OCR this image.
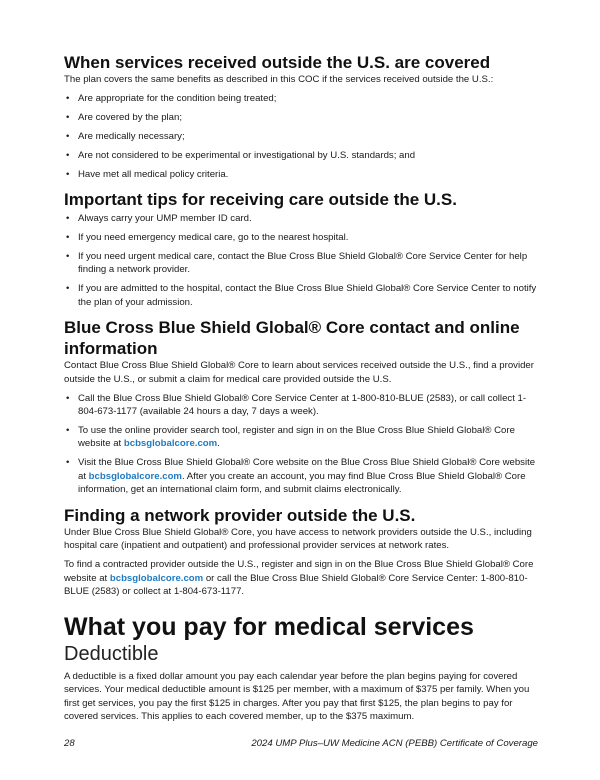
When services received outside the U.S. are covered

The plan covers the same benefits as described in this COC if the services received outside the U.S.:

• Are appropriate for the condition being treated;
• Are covered by the plan;
• Are medically necessary;
• Are not considered to be experimental or investigational by U.S. standards; and
• Have met all medical policy criteria.
Important tips for receiving care outside the U.S.
• Always carry your UMP member ID card.
• If you need emergency medical care, go to the nearest hospital.
• If you need urgent medical care, contact the Blue Cross Blue Shield Global® Core Service Center for help finding a network provider.
• If you are admitted to the hospital, contact the Blue Cross Blue Shield Global® Core Service Center to notify the plan of your admission.
Blue Cross Blue Shield Global® Core contact and online information

Contact Blue Cross Blue Shield Global® Core to learn about services received outside the U.S., find a provider outside the U.S., or submit a claim for medical care provided outside the U.S.

• Call the Blue Cross Blue Shield Global® Core Service Center at 1-800-810-BLUE (2583), or call collect 1-804-673-1177 (available 24 hours a day, 7 days a week).
• To use the online provider search tool, register and sign in on the Blue Cross Blue Shield Global® Core website at bcbsglobalcore.com.
• Visit the Blue Cross Blue Shield Global® Core website on the Blue Cross Blue Shield Global® Core website at bcbsglobalcore.com. After you create an account, you may find Blue Cross Blue Shield Global® Core information, get an international claim form, and submit claims electronically.
Finding a network provider outside the U.S.

Under Blue Cross Blue Shield Global® Core, you have access to network providers outside the U.S., including hospital care (inpatient and outpatient) and professional provider services at network rates.

To find a contracted provider outside the U.S., register and sign in on the Blue Cross Blue Shield Global® Core website at bcbsglobalcore.com or call the Blue Cross Blue Shield Global® Core Service Center: 1-800-810-BLUE (2583) or collect at 1-804-673-1177.

What you pay for medical services
Deductible

A deductible is a fixed dollar amount you pay each calendar year before the plan begins paying for covered services. Your medical deductible amount is $125 per member, with a maximum of $375 per family. When you first get services, you pay the first $125 in charges. After you pay that first $125, the plan begins to pay for covered services. This applies to each covered member, up to the $375 maximum.

28	2024 UMP Plus–UW Medicine ACN (PEBB) Certificate of Coverage
